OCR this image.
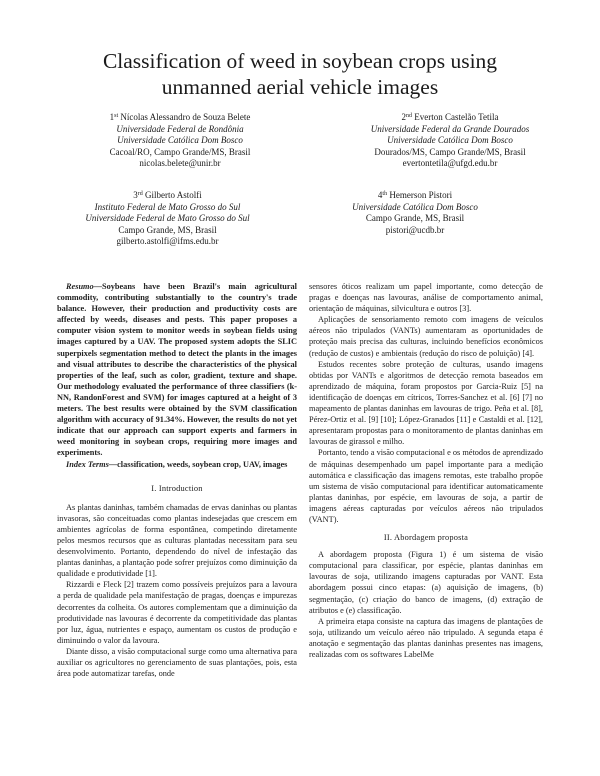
Classification of weed in soybean crops using
unmanned aerial vehicle images
1st Nícolas Alessandro de Souza Belete
Universidade Federal de Rondônia
Universidade Católica Dom Bosco
Cacoal/RO, Campo Grande/MS, Brasil
nicolas.belete@unir.br
2nd Everton Castelão Tetila
Universidade Federal da Grande Dourados
Universidade Católica Dom Bosco
Dourados/MS, Campo Grande/MS, Brasil
evertontetila@ufgd.edu.br
3rd Gilberto Astolfi
Instituto Federal de Mato Grosso do Sul
Universidade Federal de Mato Grosso do Sul
Campo Grande, MS, Brasil
gilberto.astolfi@ifms.edu.br
4th Hemerson Pistori
Universidade Católica Dom Bosco
Campo Grande, MS, Brasil
pistori@ucdb.br

Resumo—Soybeans have been Brazil's main agricultural commodity, contributing substantially to the country's trade balance. However, their production and productivity costs are affected by weeds, diseases and pests. This paper proposes a computer vision system to monitor weeds in soybean fields using images captured by a UAV. The proposed system adopts the SLIC superpixels segmentation method to detect the plants in the images and visual attributes to describe the characteristics of the physical properties of the leaf, such as color, gradient, texture and shape. Our methodology evaluated the performance of three classifiers (k-NN, RandonForest and SVM) for images captured at a height of 3 meters. The best results were obtained by the SVM classification algorithm with accuracy of 91.34%. However, the results do not yet indicate that our approach can support experts and farmers in weed monitoring in soybean crops, requiring more images and experiments.

Index Terms—classification, weeds, soybean crop, UAV, images

I. Introduction

As plantas daninhas, também chamadas de ervas daninhas ou plantas invasoras, são conceituadas como plantas indesejadas que crescem em ambientes agrícolas de forma espontânea, competindo diretamente pelos mesmos recursos que as culturas plantadas necessitam para seu desenvolvimento. Portanto, dependendo do nível de infestação das plantas daninhas, a plantação pode sofrer prejuízos como diminuição da qualidade e produtividade [1].

Rizzardi e Fleck [2] trazem como possíveis prejuízos para a lavoura a perda de qualidade pela manifestação de pragas, doenças e impurezas decorrentes da colheita. Os autores complementam que a diminuição da produtividade nas lavouras é decorrente da competitividade das plantas por luz, água, nutrientes e espaço, aumentam os custos de produção e diminuindo o valor da lavoura.

Diante disso, a visão computacional surge como uma alternativa para auxiliar os agricultores no gerenciamento de suas plantações, pois, esta área pode automatizar tarefas, onde

sensores óticos realizam um papel importante, como detecção de pragas e doenças nas lavouras, análise de comportamento animal, orientação de máquinas, silvicultura e outros [3].

Aplicações de sensoriamento remoto com imagens de veículos aéreos não tripulados (VANTs) aumentaram as oportunidades de proteção mais precisa das culturas, incluindo benefícios econômicos (redução de custos) e ambientais (redução do risco de poluição) [4].

Estudos recentes sobre proteção de culturas, usando imagens obtidas por VANTs e algoritmos de detecção remota baseados em aprendizado de máquina, foram propostos por Garcia-Ruiz [5] na identificação de doenças em cítricos, Torres-Sanchez et al. [6] [7] no mapeamento de plantas daninhas em lavouras de trigo. Peña et al. [8], Pérez-Ortiz et al. [9] [10]; López-Granados [11] e Castaldi et al. [12], apresentaram propostas para o monitoramento de plantas daninhas em lavouras de girassol e milho.

Portanto, tendo a visão computacional e os métodos de aprendizado de máquinas desempenhado um papel importante para a medição automática e classificação das imagens remotas, este trabalho propõe um sistema de visão computacional para identificar automaticamente plantas daninhas, por espécie, em lavouras de soja, a partir de imagens aéreas capturadas por veículos aéreos não tripulados (VANT).

II. Abordagem proposta

A abordagem proposta (Figura 1) é um sistema de visão computacional para classificar, por espécie, plantas daninhas em lavouras de soja, utilizando imagens capturadas por VANT. Esta abordagem possui cinco etapas: (a) aquisição de imagens, (b) segmentação, (c) criação do banco de imagens, (d) extração de atributos e (e) classificação.

A primeira etapa consiste na captura das imagens de plantações de soja, utilizando um veículo aéreo não tripulado. A segunda etapa é anotação e segmentação das plantas daninhas presentes nas imagens, realizadas com os softwares LabelMe
